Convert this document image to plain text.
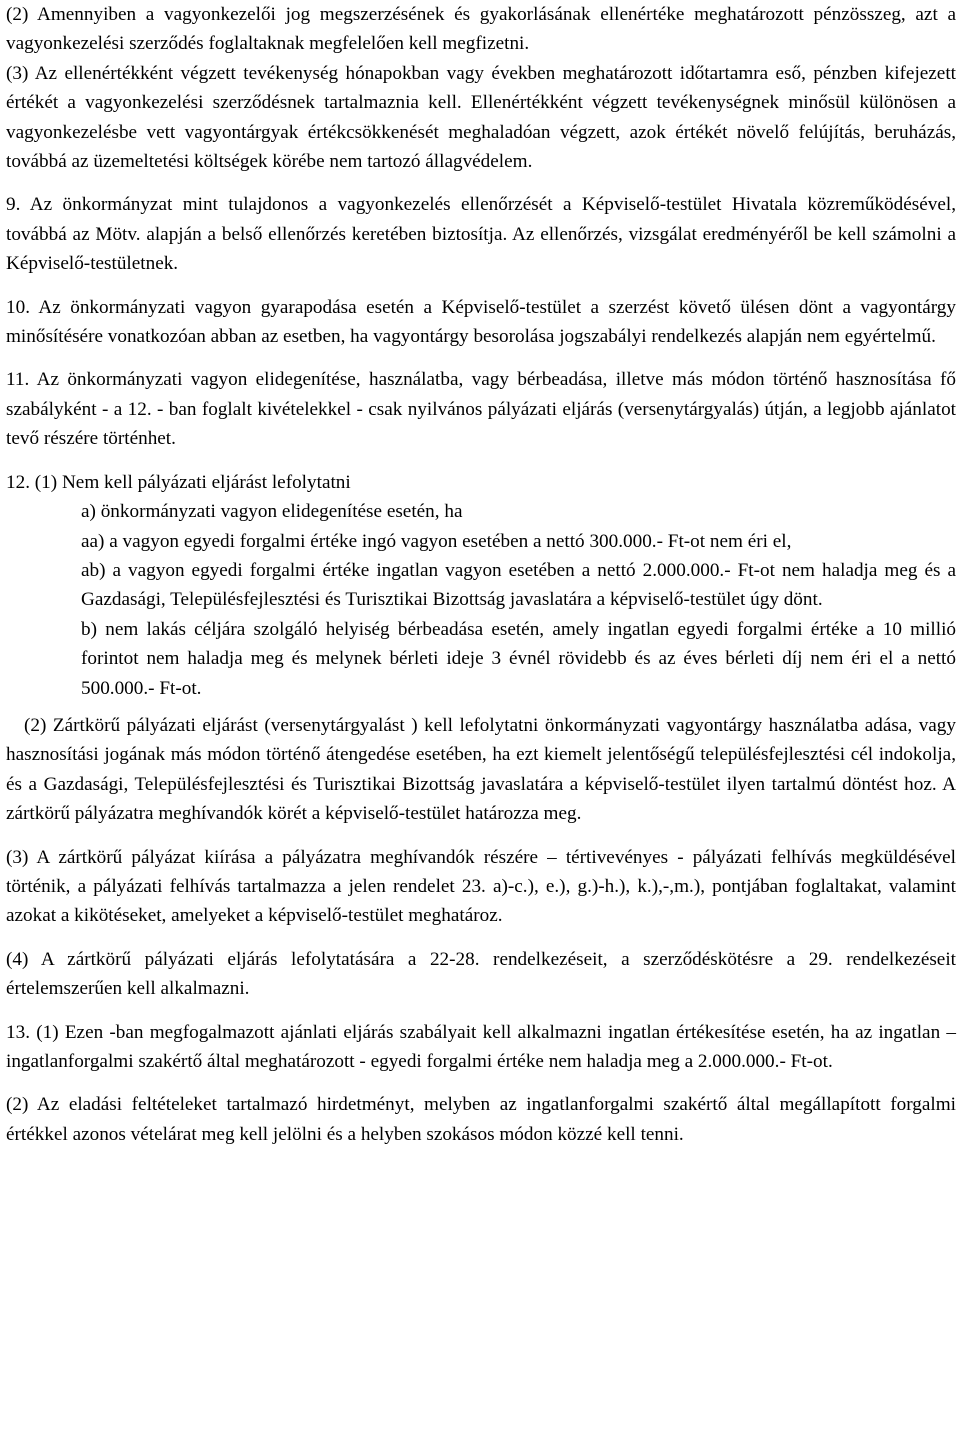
(2) Amennyiben a vagyonkezelői jog megszerzésének és gyakorlásának ellenértéke meghatározott pénzösszeg, azt a vagyonkezelési szerződés foglaltaknak megfelelően kell megfizetni.

(3) Az ellenértékként végzett tevékenység hónapokban vagy években meghatározott időtartamra eső, pénzben kifejezett értékét a vagyonkezelési szerződésnek tartalmaznia kell. Ellenértékként végzett tevékenységnek minősül különösen a vagyonkezelésbe vett vagyontárgyak értékcsökkenését meghaladóan végzett, azok értékét növelő felújítás, beruházás, továbbá az üzemeltetési költségek körébe nem tartozó állagvédelem.

9. Az önkormányzat mint tulajdonos a vagyonkezelés ellenőrzését a Képviselő-testület Hivatala közreműködésével, továbbá az Mötv. alapján a belső ellenőrzés keretében biztosítja. Az ellenőrzés, vizsgálat eredményéről be kell számolni a Képviselő-testületnek.

10. Az önkormányzati vagyon gyarapodása esetén a Képviselő-testület a szerzést követő ülésen dönt a vagyontárgy minősítésére vonatkozóan abban az esetben, ha vagyontárgy besorolása jogszabályi rendelkezés alapján nem egyértelmű.

11. Az önkormányzati vagyon elidegenítése, használatba, vagy bérbeadása, illetve más módon történő hasznosítása fő szabályként - a 12. - ban foglalt kivételekkel - csak nyilvános pályázati eljárás (versenytárgyalás) útján, a legjobb ajánlatot tevő részére történhet.

12. (1) Nem kell pályázati eljárást lefolytatni

a) önkormányzati vagyon elidegenítése esetén, ha

aa) a vagyon egyedi forgalmi értéke ingó vagyon esetében a nettó 300.000.- Ft-ot nem éri el,

ab) a vagyon egyedi forgalmi értéke ingatlan vagyon esetében a nettó 2.000.000.- Ft-ot nem haladja meg és a Gazdasági, Településfejlesztési és Turisztikai Bizottság javaslatára a képviselő-testület úgy dönt.

b) nem lakás céljára szolgáló helyiség bérbeadása esetén, amely ingatlan egyedi forgalmi értéke a 10 millió forintot nem haladja meg és melynek bérleti ideje 3 évnél rövidebb és az éves bérleti díj nem éri el a nettó 500.000.- Ft-ot.

(2) Zártkörű pályázati eljárást (versenytárgyalást ) kell lefolytatni önkormányzati vagyontárgy használatba adása, vagy hasznosítási jogának más módon történő átengedése esetében, ha ezt kiemelt jelentőségű településfejlesztési cél indokolja, és a Gazdasági, Településfejlesztési és Turisztikai Bizottság javaslatára a képviselő-testület ilyen tartalmú döntést hoz. A zártkörű pályázatra meghívandók körét a képviselő-testület határozza meg.

(3) A zártkörű pályázat kiírása a pályázatra meghívandók részére – tértivevényes - pályázati felhívás megküldésével történik, a pályázati felhívás tartalmazza a jelen rendelet 23. a)-c.), e.), g.)-h.), k.),-,m.), pontjában foglaltakat, valamint azokat a kikötéseket, amelyeket a képviselő-testület meghatároz.

(4) A zártkörű pályázati eljárás lefolytatására a 22-28. rendelkezéseit, a szerződéskötésre a 29. rendelkezéseit értelemszerűen kell alkalmazni.

13. (1) Ezen -ban megfogalmazott ajánlati eljárás szabályait kell alkalmazni ingatlan értékesítése esetén, ha az ingatlan – ingatlanforgalmi szakértő által meghatározott - egyedi forgalmi értéke nem haladja meg a 2.000.000.- Ft-ot.

(2) Az eladási feltételeket tartalmazó hirdetményt, melyben az ingatlanforgalmi szakértő által megállapított forgalmi értékkel azonos vételárat meg kell jelölni és a helyben szokásos módon közzé kell tenni.
